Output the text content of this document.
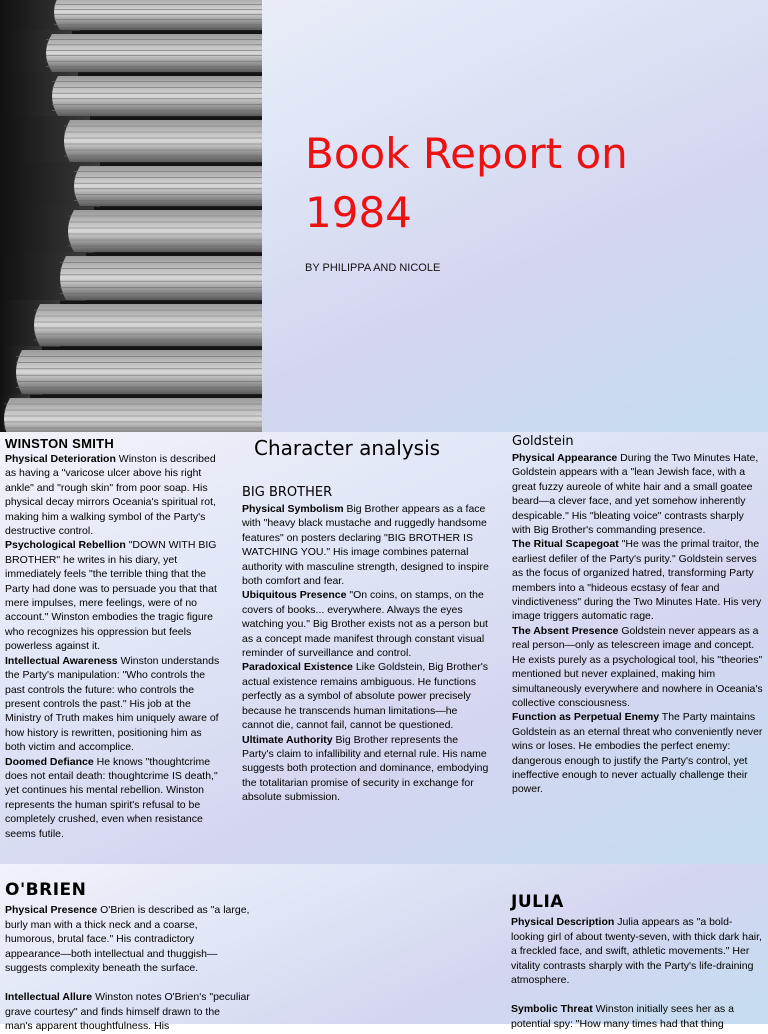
Book Report on 1984
BY PHILIPPA AND NICOLE
WINSTON SMITH

Physical Deterioration Winston is described as having a "varicose ulcer above his right ankle" and "rough skin" from poor soap. His physical decay mirrors Oceania's spiritual rot, making him a walking symbol of the Party's destructive control.

Psychological Rebellion "DOWN WITH BIG BROTHER" he writes in his diary, yet immediately feels "the terrible thing that the Party had done was to persuade you that that mere impulses, mere feelings, were of no account." Winston embodies the tragic figure who recognizes his oppression but feels powerless against it.

Intellectual Awareness Winston understands the Party's manipulation: "Who controls the past controls the future: who controls the present controls the past." His job at the Ministry of Truth makes him uniquely aware of how history is rewritten, positioning him as both victim and accomplice.

Doomed Defiance He knows "thoughtcrime does not entail death: thoughtcrime IS death," yet continues his mental rebellion. Winston represents the human spirit's refusal to be completely crushed, even when resistance seems futile.

Character analysis
BIG BROTHER

Physical Symbolism Big Brother appears as a face with "heavy black mustache and ruggedly handsome features" on posters declaring "BIG BROTHER IS WATCHING YOU." His image combines paternal authority with masculine strength, designed to inspire both comfort and fear.

Ubiquitous Presence "On coins, on stamps, on the covers of books... everywhere. Always the eyes watching you." Big Brother exists not as a person but as a concept made manifest through constant visual reminder of surveillance and control.

Paradoxical Existence Like Goldstein, Big Brother's actual existence remains ambiguous. He functions perfectly as a symbol of absolute power precisely because he transcends human limitations—he cannot die, cannot fail, cannot be questioned.

Ultimate Authority Big Brother represents the Party's claim to infallibility and eternal rule. His name suggests both protection and dominance, embodying the totalitarian promise of security in exchange for absolute submission.

Goldstein

Physical Appearance During the Two Minutes Hate, Goldstein appears with a "lean Jewish face, with a great fuzzy aureole of white hair and a small goatee beard—a clever face, and yet somehow inherently despicable." His "bleating voice" contrasts sharply with Big Brother's commanding presence.

The Ritual Scapegoat "He was the primal traitor, the earliest defiler of the Party's purity." Goldstein serves as the focus of organized hatred, transforming Party members into a "hideous ecstasy of fear and vindictiveness" during the Two Minutes Hate. His very image triggers automatic rage.

The Absent Presence Goldstein never appears as a real person—only as telescreen image and concept. He exists purely as a psychological tool, his "theories" mentioned but never explained, making him simultaneously everywhere and nowhere in Oceania's collective consciousness.

Function as Perpetual Enemy The Party maintains Goldstein as an eternal threat who conveniently never wins or loses. He embodies the perfect enemy: dangerous enough to justify the Party's control, yet ineffective enough to never actually challenge their power.

O'BRIEN

Physical Presence O'Brien is described as "a large, burly man with a thick neck and a coarse, humorous, brutal face." His contradictory appearance—both intellectual and thuggish—suggests complexity beneath the surface.

Intellectual Allure Winston notes O'Brien's "peculiar grave courtesy" and finds himself drawn to the man's apparent thoughtfulness. His

JULIA

Physical Description Julia appears as "a bold-looking girl of about twenty-seven, with thick dark hair, a freckled face, and swift, athletic movements." Her vitality contrasts sharply with the Party's life-draining atmosphere.

Symbolic Threat Winston initially sees her as a potential spy: "How many times had that thing
